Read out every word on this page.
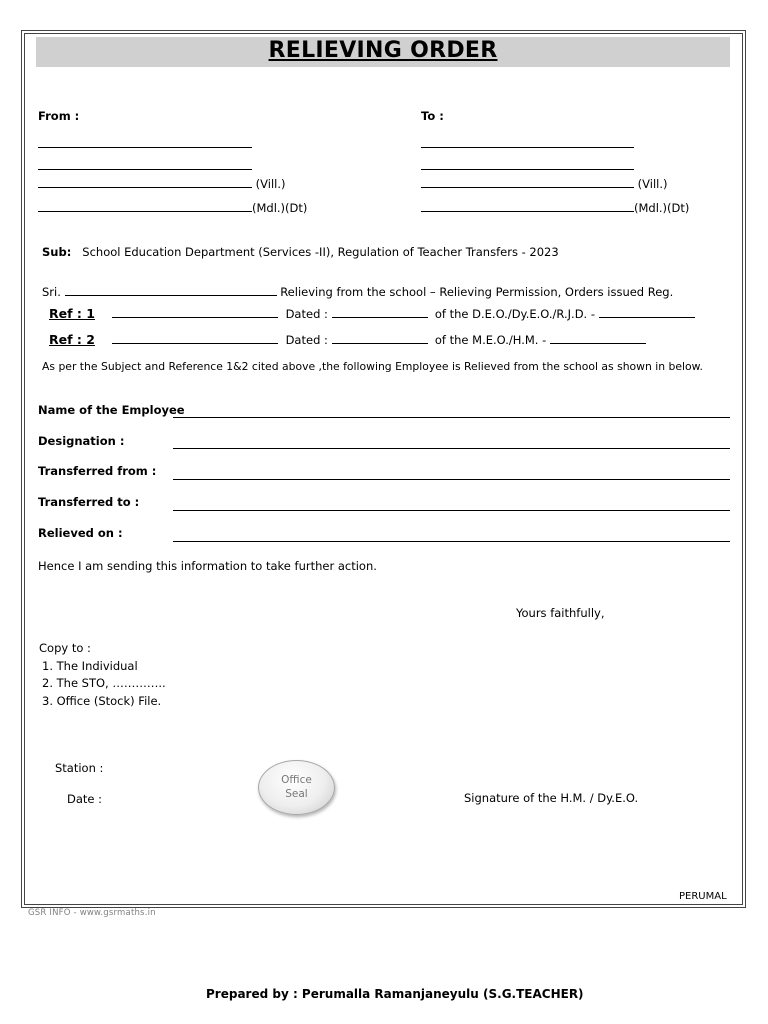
RELIEVING ORDER
From :
(Vill.)
(Mdl.)(Dt)
To :
(Vill.)
(Mdl.)(Dt)
Sub: School Education Department (Services -II), Regulation of Teacher Transfers - 2023
Sri.	Relieving from the school – Relieving Permission, Orders issued Reg.
Ref : 1	Dated :	of the D.E.O./Dy.E.O./R.J.D. -
Ref : 2	Dated :	of the M.E.O./H.M. -
As per the Subject and Reference 1&2 cited above ,the following Employee is Relieved from the school as shown in below.
Name of the Employee
Designation :
Transferred from :
Transferred to :
Relieved on :
Hence I am sending this information to take further action.
Yours faithfully,
Copy to :
1. The Individual
2. The STO, …………..
3. Office (Stock) File.
Station :
Date :
Office
Seal	Signature of the H.M. / Dy.E.O.
PERUMAL
GSR INFO - www.gsrmaths.in
Prepared by : Perumalla Ramanjaneyulu (S.G.TEACHER)
